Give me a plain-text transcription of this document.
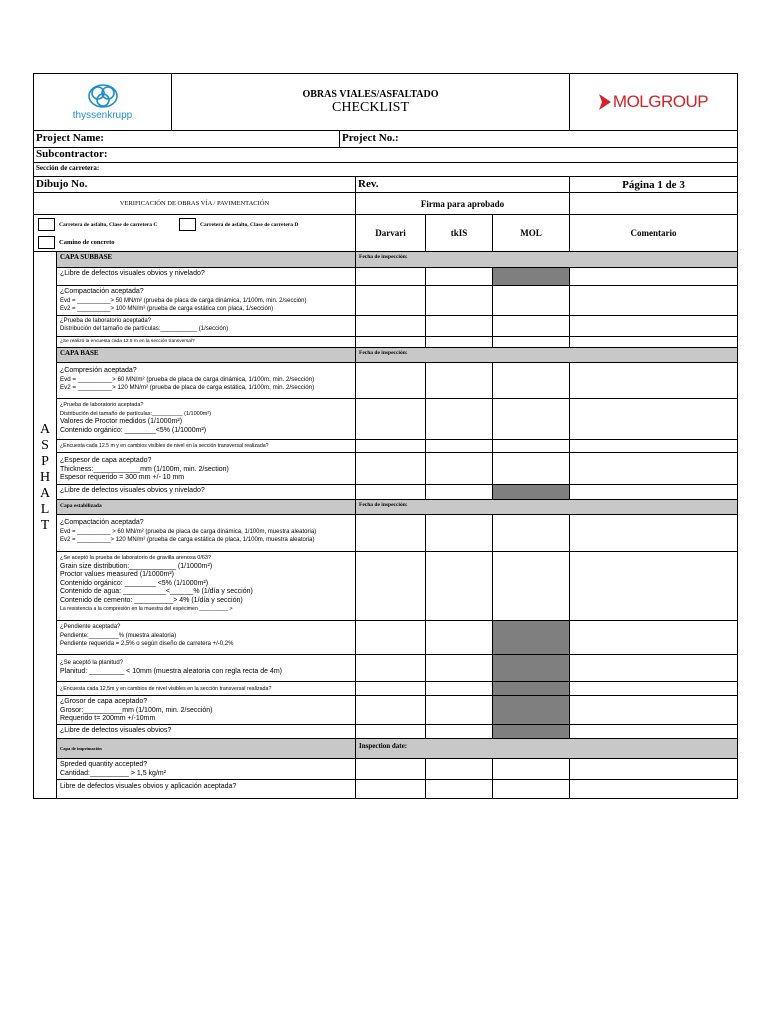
thyssenkrupp
OBRAS VIALES/ASFALTADO
CHECKLIST	MOLGROUP
Project Name:	Project No.:
Subcontractor:
Sección de carretera:
Dibujo No.	Rev.	Página 1 de 3
VERIFICACIÓN DE OBRAS VÍA / PAVIMENTACIÓN	Firma para aprobado
Carretera de asfalto, Clase de carretera C	Carretera de asfalto, Clase de carretera D
Camino de concreto
Darvari	tkIS	MOL	Comentario
A
S
P
H
A
L
T
CAPA SUBBASE	Fecha de inspección:
¿Libre de defectos visuales obvios y nivelado?
¿Compactación aceptada?
Evd = __________> 50 MN/m² (prueba de placa de carga dinámica, 1/100m, min. 2/sección)
Ev2 = __________> 100 MN/m² (prueba de carga estática con placa, 1/sección)
¿Prueba de laboratorio aceptada?
Distribución del tamaño de partículas:___________ (1/sección)
¿Se realizó la encuesta cada 12.5 m en la sección transversal?
CAPA BASE	Fecha de inspección:
¿Compresión aceptada?
Evd = __________> 60 MN/m² (prueba de placa de carga dinámica, 1/100m, min. 2/sección)
Ev2 = __________> 120 MN/m² (prueba de placa de carga estática, 1/100m, min. 2/sección)
¿Prueba de laboratorio aceptada?
Distribución del tamaño de partículas:__________ (1/1000m²)
Valores de Proctor medidos (1/1000m²)
Contenido orgánico: ________<5% (1/1000m²)
¿Encuesta cada 12.5 m y en cambios visibles de nivel en la sección transversal realizada?
¿Espesor de capa aceptado?
Thickness:____________mm (1/100m, min. 2/section)
Espesor requerido = 300 mm +/- 10 mm
¿Libre de defectos visuales obvios y nivelado?
Capa estabilizada	Fecha de inspección:
¿Compactación aceptada?
Evd = __________ > 60 MN/m² (prueba de placa de carga dinámica, 1/100m, muestra aleatoria)
Ev2 = __________> 120 MN/m² (prueba de carga estática de placa, 1/100m, muestra aleatoria)
¿Se aceptó la prueba de laboratorio de gravilla arenosa 0/63?
Grain size distribution:____________ (1/1000m²)
Proctor values measured (1/1000m²)
Contenido orgánico: ________ <5% (1/1000m²)
Contenido de agua: ___________<______% (1/día y sección)
Contenido de cemento: __________> 4% (1/día y sección)
La resistencia a la compresión en la muestra del espécimen __________ >
¿Pendiente aceptada?
Pendiente:_________% (muestra aleatoria)
Pendiente requerida = 2,5% o según diseño de carretera +/-0,2%
¿Se aceptó la planitud?
Planitud: _________ < 10mm (muestra aleatoria con regla recta de 4m)
¿Encuesta cada 12,5m y en cambios de nivel visibles en la sección transversal realizada?
¿Grosor de capa aceptado?
Grosor:__________mm (1/100m, min. 2/sección)
Requerido t= 200mm +/-10mm
¿Libre de defectos visuales obvios?
Capa de imprimación	Inspection date:
Spreded quantity accepted?
Cantidad:__________ > 1,5 kg/m²
Libre de defectos visuales obvios y aplicación aceptada?
